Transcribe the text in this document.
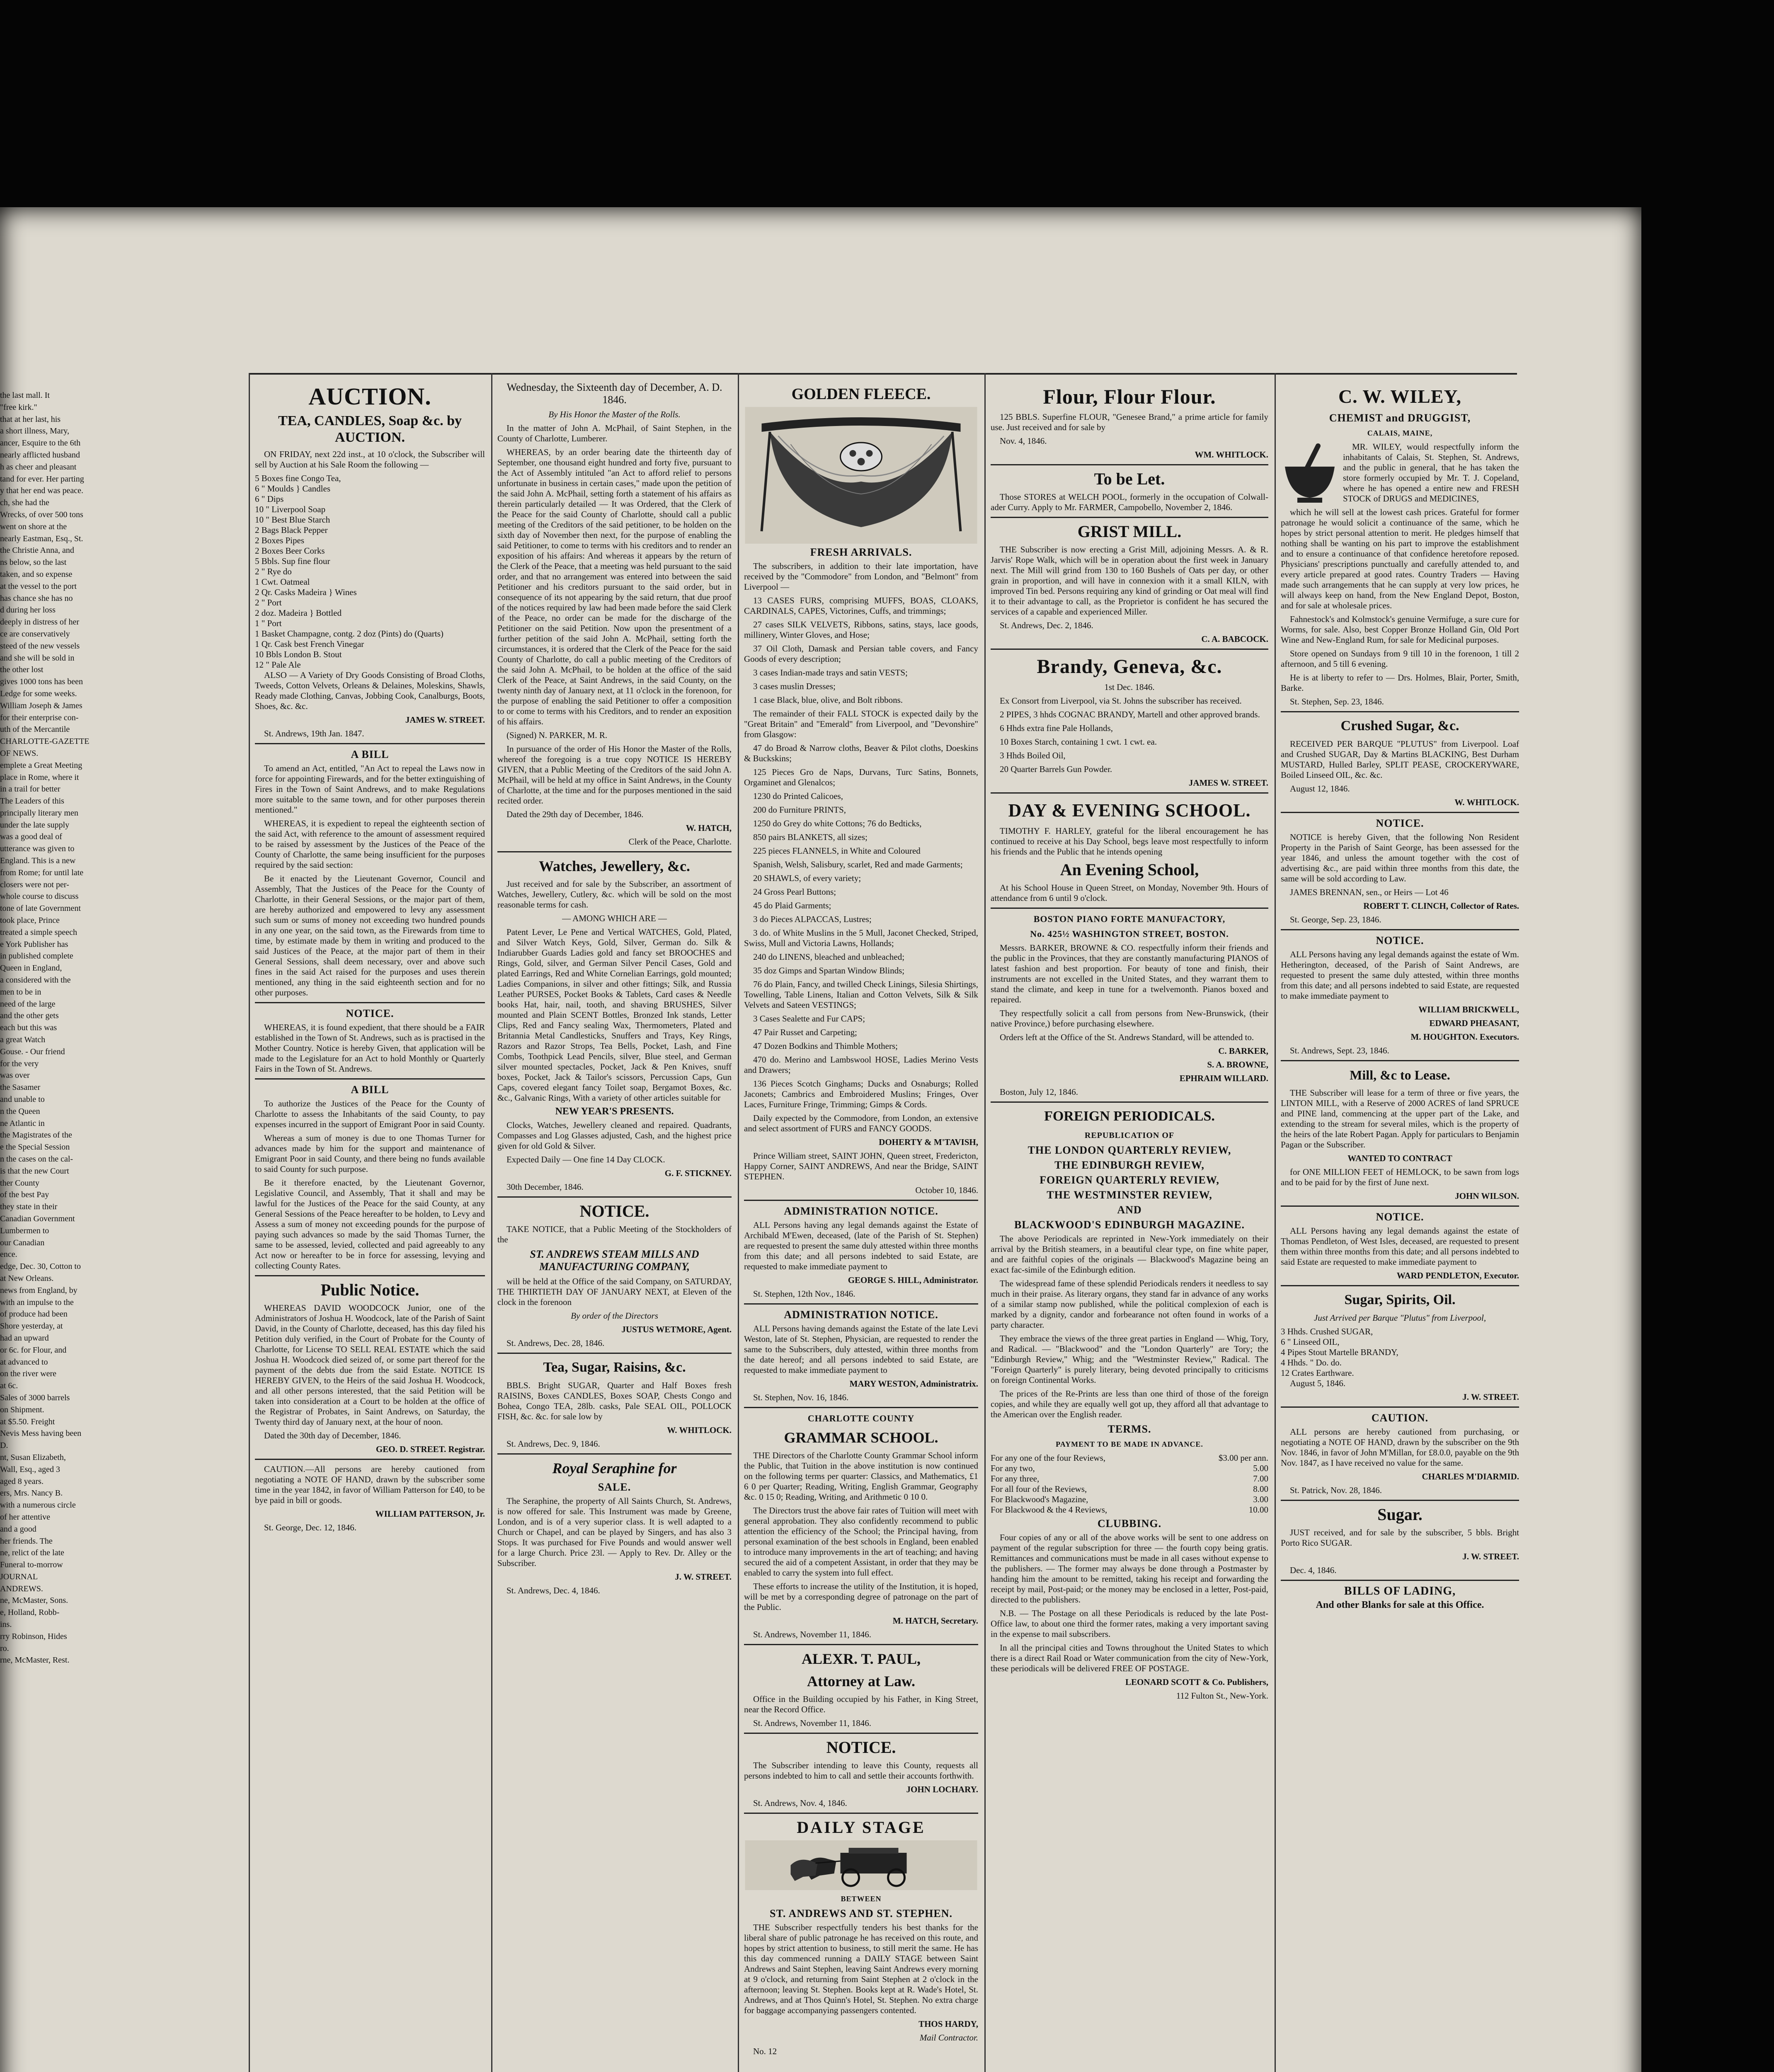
the last mall. It
"free kirk."
that at her last, his
a short illness, Mary,
ancer, Esquire to the 6th
nearly afflicted husband
h as cheer and pleasant
tand for ever. Her parting
y that her end was peace.
ch, she had the
Wrecks, of over 500 tons
went on shore at the
nearly Eastman, Esq., St.
the Christie Anna, and
ns below, so the last
taken, and so expense
at the vessel to the port
has chance she has no
d during her loss
deeply in distress of her
ce are conservatively
steed of the new vessels
and she will be sold in
the other lost
gives 1000 tons has been
Ledge for some weeks.
William Joseph & James
for their enterprise con-
uth of the Mercantile
CHARLOTTE-GAZETTE
OF NEWS.
emplete a Great Meeting
place in Rome, where it
in a trail for better
The Leaders of this
principally literary men
under the late supply
was a good deal of
utterance was given to
England. This is a new
from Rome; for until late
closers were not per-
whole course to discuss
tone of late Government
took place, Prince
treated a simple speech
e York Publisher has
in published complete
Queen in England,
a considered with the
men to be in
need of the large
and the other gets
each but this was
a great Watch
Gouse. - Our friend
for the very
was over
the Sasamer
and unable to
n the Queen
ne Atlantic in
the Magistrates of the
e the Special Session
n the cases on the cal-
is that the new Court
ther County
of the best Pay
they state in their
Canadian Government
Lumbermen to
our Canadian
ence.
edge, Dec. 30, Cotton to
at New Orleans.
news from England, by
with an impulse to the
of produce had been
Shore yesterday, at
had an upward
or 6c. for Flour, and
at advanced to
on the river were
at 6c.
Sales of 3000 barrels
on Shipment.
at $5.50. Freight
Nevis Mess having been
D.
nt, Susan Elizabeth,
Wall, Esq., aged 3
aged 8 years.
ers, Mrs. Nancy B.
with a numerous circle
of her attentive
and a good
her friends. The
ne, relict of the late
Funeral to-morrow
JOURNAL
ANDREWS.
ne, McMaster, Sons.
e, Holland, Robb-
ins.
rry Robinson, Hides
ro.
rne, McMaster, Rest.
AUCTION.
TEA, CANDLES, Soap &c. by AUCTION.

ON FRIDAY, next 22d inst., at 10 o'clock, the Subscriber will sell by Auction at his Sale Room the following —

5 Boxes fine Congo Tea,
6 " Moulds } Candles
6 " Dips
10 " Liverpool Soap
10 " Best Blue Starch
2 Bags Black Pepper
2 Boxes Pipes
2 Boxes Beer Corks
5 Bbls. Sup fine flour
2 " Rye do
1 Cwt. Oatmeal
2 Qr. Casks Madeira } Wines
2 " Port
2 doz. Madeira } Bottled
1 " Port
1 Basket Champagne, contg. 2 doz (Pints) do (Quarts)
1 Qr. Cask best French Vinegar
10 Bbls London B. Stout
12 " Pale Ale

ALSO — A Variety of Dry Goods Consisting of Broad Cloths, Tweeds, Cotton Velvets, Orleans & Delaines, Moleskins, Shawls, Ready made Clothing, Canvas, Jobbing Cook, Canalburgs, Boots, Shoes, &c. &c.

JAMES W. STREET.

St. Andrews, 19th Jan. 1847.

A BILL

To amend an Act, entitled, "An Act to repeal the Laws now in force for appointing Firewards, and for the better extinguishing of Fires in the Town of Saint Andrews, and to make Regulations more suitable to the same town, and for other purposes therein mentioned."

WHEREAS, it is expedient to repeal the eighteenth section of the said Act, with reference to the amount of assessment required to be raised by assessment by the Justices of the Peace of the County of Charlotte, the same being insufficient for the purposes required by the said section:

Be it enacted by the Lieutenant Governor, Council and Assembly, That the Justices of the Peace for the County of Charlotte, in their General Sessions, or the major part of them, are hereby authorized and empowered to levy any assessment such sum or sums of money not exceeding two hundred pounds in any one year, on the said town, as the Firewards from time to time, by estimate made by them in writing and produced to the said Justices of the Peace, at the major part of them in their General Sessions, shall deem necessary, over and above such fines in the said Act raised for the purposes and uses therein mentioned, any thing in the said eighteenth section and for no other purposes.

NOTICE.

WHEREAS, it is found expedient, that there should be a FAIR established in the Town of St. Andrews, such as is practised in the Mother Country. Notice is hereby Given, that application will be made to the Legislature for an Act to hold Monthly or Quarterly Fairs in the Town of St. Andrews.

A BILL

To authorize the Justices of the Peace for the County of Charlotte to assess the Inhabitants of the said County, to pay expenses incurred in the support of Emigrant Poor in said County.

Whereas a sum of money is due to one Thomas Turner for advances made by him for the support and maintenance of Emigrant Poor in said County, and there being no funds available to said County for such purpose.

Be it therefore enacted, by the Lieutenant Governor, Legislative Council, and Assembly, That it shall and may be lawful for the Justices of the Peace for the said County, at any General Sessions of the Peace hereafter to be holden, to Levy and Assess a sum of money not exceeding pounds for the purpose of paying such advances so made by the said Thomas Turner, the same to be assessed, levied, collected and paid agreeably to any Act now or hereafter to be in force for assessing, levying and collecting County Rates.

Public Notice.

WHEREAS DAVID WOODCOCK Junior, one of the Administrators of Joshua H. Woodcock, late of the Parish of Saint David, in the County of Charlotte, deceased, has this day filed his Petition duly verified, in the Court of Probate for the County of Charlotte, for License TO SELL REAL ESTATE which the said Joshua H. Woodcock died seized of, or some part thereof for the payment of the debts due from the said Estate. NOTICE IS HEREBY GIVEN, to the Heirs of the said Joshua H. Woodcock, and all other persons interested, that the said Petition will be taken into consideration at a Court to be holden at the office of the Registrar of Probates, in Saint Andrews, on Saturday, the Twenty third day of January next, at the hour of noon.

Dated the 30th day of December, 1846.

GEO. D. STREET. Registrar.

CAUTION.—All persons are hereby cautioned from negotiating a NOTE OF HAND, drawn by the subscriber some time in the year 1842, in favor of William Patterson for £40, to be bye paid in bill or goods.

WILLIAM PATTERSON, Jr.

St. George, Dec. 12, 1846.

Wednesday, the Sixteenth day of December, A. D. 1846.

By His Honor the Master of the Rolls.

In the matter of John A. McPhail, of Saint Stephen, in the County of Charlotte, Lumberer.

WHEREAS, by an order bearing date the thirteenth day of September, one thousand eight hundred and forty five, pursuant to the Act of Assembly intituled "an Act to afford relief to persons unfortunate in business in certain cases," made upon the petition of the said John A. McPhail, setting forth a statement of his affairs as therein particularly detailed — It was Ordered, that the Clerk of the Peace for the said County of Charlotte, should call a public meeting of the Creditors of the said petitioner, to be holden on the sixth day of November then next, for the purpose of enabling the said Petitioner, to come to terms with his creditors and to render an exposition of his affairs: And whereas it appears by the return of the Clerk of the Peace, that a meeting was held pursuant to the said order, and that no arrangement was entered into between the said Petitioner and his creditors pursuant to the said order, but in consequence of its not appearing by the said return, that due proof of the notices required by law had been made before the said Clerk of the Peace, no order can be made for the discharge of the Petitioner on the said Petition. Now upon the presentment of a further petition of the said John A. McPhail, setting forth the circumstances, it is ordered that the Clerk of the Peace for the said County of Charlotte, do call a public meeting of the Creditors of the said John A. McPhail, to be holden at the office of the said Clerk of the Peace, at Saint Andrews, in the said County, on the twenty ninth day of January next, at 11 o'clock in the forenoon, for the purpose of enabling the said Petitioner to offer a composition to or come to terms with his Creditors, and to render an exposition of his affairs.

(Signed) N. PARKER, M. R.

In pursuance of the order of His Honor the Master of the Rolls, whereof the foregoing is a true copy NOTICE IS HEREBY GIVEN, that a Public Meeting of the Creditors of the said John A. McPhail, will be held at my office in Saint Andrews, in the County of Charlotte, at the time and for the purposes mentioned in the said recited order.

Dated the 29th day of December, 1846.

W. HATCH,

Clerk of the Peace, Charlotte.

Watches, Jewellery, &c.

Just received and for sale by the Subscriber, an assortment of Watches, Jewellery, Cutlery, &c. which will be sold on the most reasonable terms for cash.

— AMONG WHICH ARE —

Patent Lever, Le Pene and Vertical WATCHES, Gold, Plated, and Silver Watch Keys, Gold, Silver, German do. Silk & Indiarubber Guards Ladies gold and fancy set BROOCHES and Rings, Gold, silver, and German Silver Pencil Cases, Gold and plated Earrings, Red and White Cornelian Earrings, gold mounted; Ladies Companions, in silver and other fittings; Silk, and Russia Leather PURSES, Pocket Books & Tablets, Card cases & Needle books Hat, hair, nail, tooth, and shaving BRUSHES, Silver mounted and Plain SCENT Bottles, Bronzed Ink stands, Letter Clips, Red and Fancy sealing Wax, Thermometers, Plated and Britannia Metal Candlesticks, Snuffers and Trays, Key Rings, Razors and Razor Strops, Tea Bells, Pocket, Lash, and Fine Combs, Toothpick Lead Pencils, silver, Blue steel, and German silver mounted spectacles, Pocket, Jack & Pen Knives, snuff boxes, Pocket, Jack & Tailor's scissors, Percussion Caps, Gun Caps, covered elegant fancy Toilet soap, Bergamot Boxes, &c. &c., Galvanic Rings, With a variety of other articles suitable for

NEW YEAR'S PRESENTS.

Clocks, Watches, Jewellery cleaned and repaired. Quadrants, Compasses and Log Glasses adjusted, Cash, and the highest price given for old Gold & Silver.

Expected Daily — One fine 14 Day CLOCK.

G. F. STICKNEY.

30th December, 1846.

NOTICE.

TAKE NOTICE, that a Public Meeting of the Stockholders of the

ST. ANDREWS STEAM MILLS AND MANUFACTURING COMPANY,

will be held at the Office of the said Company, on SATURDAY, THE THIRTIETH DAY OF JANUARY NEXT, at Eleven of the clock in the forenoon

By order of the Directors

JUSTUS WETMORE, Agent.

St. Andrews, Dec. 28, 1846.

Tea, Sugar, Raisins, &c.

BBLS. Bright SUGAR, Quarter and Half Boxes fresh RAISINS, Boxes CANDLES, Boxes SOAP, Chests Congo and Bohea, Congo TEA, 28lb. casks, Pale SEAL OIL, POLLOCK FISH, &c. &c. for sale low by

W. WHITLOCK.

St. Andrews, Dec. 9, 1846.

Royal Seraphine for
SALE.

The Seraphine, the property of All Saints Church, St. Andrews, is now offered for sale. This Instrument was made by Greene, London, and is of a very superior class. It is well adapted to a Church or Chapel, and can be played by Singers, and has also 3 Stops. It was purchased for Five Pounds and would answer well for a large Church. Price 23l. — Apply to Rev. Dr. Alley or the Subscriber.

J. W. STREET.

St. Andrews, Dec. 4, 1846.

GOLDEN FLEECE.
FRESH ARRIVALS.

The subscribers, in addition to their late importation, have received by the "Commodore" from London, and "Belmont" from Liverpool —

13 CASES FURS, comprising MUFFS, BOAS, CLOAKS, CARDINALS, CAPES, Victorines, Cuffs, and trimmings;

27 cases SILK VELVETS, Ribbons, satins, stays, lace goods, millinery, Winter Gloves, and Hose;

37 Oil Cloth, Damask and Persian table covers, and Fancy Goods of every description;

3 cases Indian-made trays and satin VESTS;

3 cases muslin Dresses;

1 case Black, blue, olive, and Bolt ribbons.

The remainder of their FALL STOCK is expected daily by the "Great Britain" and "Emerald" from Liverpool, and "Devonshire" from Glasgow:

47 do Broad & Narrow cloths, Beaver & Pilot cloths, Doeskins & Buckskins;

125 Pieces Gro de Naps, Durvans, Turc Satins, Bonnets, Orgaminet and Glenalcos;

1230 do Printed Calicoes,

200 do Furniture PRINTS,

1250 do Grey do white Cottons; 76 do Bedticks,

850 pairs BLANKETS, all sizes;

225 pieces FLANNELS, in White and Coloured

Spanish, Welsh, Salisbury, scarlet, Red and made Garments;

20 SHAWLS, of every variety;

24 Gross Pearl Buttons;

45 do Plaid Garments;

3 do Pieces ALPACCAS, Lustres;

3 do. of White Muslins in the 5 Mull, Jaconet Checked, Striped, Swiss, Mull and Victoria Lawns, Hollands;

240 do LINENS, bleached and unbleached;

35 doz Gimps and Spartan Window Blinds;

76 do Plain, Fancy, and twilled Check Linings, Silesia Shirtings, Towelling, Table Linens, Italian and Cotton Velvets, Silk & Silk Velvets and Sateen VESTINGS;

3 Cases Sealette and Fur CAPS;

47 Pair Russet and Carpeting;

47 Dozen Bodkins and Thimble Mothers;

470 do. Merino and Lambswool HOSE, Ladies Merino Vests and Drawers;

136 Pieces Scotch Ginghams; Ducks and Osnaburgs; Rolled Jaconets; Cambrics and Embroidered Muslins; Fringes, Over Laces, Furniture Fringe, Trimming; Gimps & Cords.

Daily expected by the Commodore, from London, an extensive and select assortment of FURS and FANCY GOODS.

DOHERTY & M'TAVISH,

Prince William street, SAINT JOHN, Queen street, Fredericton, Happy Corner, SAINT ANDREWS, And near the Bridge, SAINT STEPHEN.

October 10, 1846.

ADMINISTRATION NOTICE.

ALL Persons having any legal demands against the Estate of Archibald M'Ewen, deceased, (late of the Parish of St. Stephen) are requested to present the same duly attested within three months from this date; and all persons indebted to said Estate, are requested to make immediate payment to

GEORGE S. HILL, Administrator.

St. Stephen, 12th Nov., 1846.

ADMINISTRATION NOTICE.

ALL Persons having demands against the Estate of the late Levi Weston, late of St. Stephen, Physician, are requested to render the same to the Subscribers, duly attested, within three months from the date hereof; and all persons indebted to said Estate, are requested to make immediate payment to

MARY WESTON, Administratrix.

St. Stephen, Nov. 16, 1846.

CHARLOTTE COUNTY
GRAMMAR SCHOOL.

THE Directors of the Charlotte County Grammar School inform the Public, that Tuition in the above institution is now continued on the following terms per quarter: Classics, and Mathematics, £1 6 0 per Quarter; Reading, Writing, English Grammar, Geography &c. 0 15 0; Reading, Writing, and Arithmetic 0 10 0.

The Directors trust the above fair rates of Tuition will meet with general approbation. They also confidently recommend to public attention the efficiency of the School; the Principal having, from personal examination of the best schools in England, been enabled to introduce many improvements in the art of teaching; and having secured the aid of a competent Assistant, in order that they may be enabled to carry the system into full effect.

These efforts to increase the utility of the Institution, it is hoped, will be met by a corresponding degree of patronage on the part of the Public.

M. HATCH, Secretary.

St. Andrews, November 11, 1846.

ALEXR. T. PAUL,
Attorney at Law.

Office in the Building occupied by his Father, in King Street, near the Record Office.

St. Andrews, November 11, 1846.

NOTICE.

The Subscriber intending to leave this County, requests all persons indebted to him to call and settle their accounts forthwith.

JOHN LOCHARY.

St. Andrews, Nov. 4, 1846.

DAILY STAGE
BETWEEN
ST. ANDREWS AND ST. STEPHEN.

THE Subscriber respectfully tenders his best thanks for the liberal share of public patronage he has received on this route, and hopes by strict attention to business, to still merit the same. He has this day commenced running a DAILY STAGE between Saint Andrews and Saint Stephen, leaving Saint Andrews every morning at 9 o'clock, and returning from Saint Stephen at 2 o'clock in the afternoon; leaving St. Stephen. Books kept at R. Wade's Hotel, St. Andrews, and at Thos Quinn's Hotel, St. Stephen. No extra charge for baggage accompanying passengers contented.

THOS HARDY,

Mail Contractor.

No. 12

Flour, Flour Flour.

125 BBLS. Superfine FLOUR, "Genesee Brand," a prime article for family use. Just received and for sale by

Nov. 4, 1846.

WM. WHITLOCK.

To be Let.

Those STORES at WELCH POOL, formerly in the occupation of Colwall-ader Curry. Apply to Mr. FARMER, Campobello, November 2, 1846.

GRIST MILL.

THE Subscriber is now erecting a Grist Mill, adjoining Messrs. A. & R. Jarvis' Rope Walk, which will be in operation about the first week in January next. The Mill will grind from 130 to 160 Bushels of Oats per day, or other grain in proportion, and will have in connexion with it a small KILN, with improved Tin bed. Persons requiring any kind of grinding or Oat meal will find it to their advantage to call, as the Proprietor is confident he has secured the services of a capable and experienced Miller.

St. Andrews, Dec. 2, 1846.

C. A. BABCOCK.

Brandy, Geneva, &c.

1st Dec. 1846.

Ex Consort from Liverpool, via St. Johns the subscriber has received.

2 PIPES, 3 hhds COGNAC BRANDY, Martell and other approved brands.

6 Hhds extra fine Pale Hollands,

10 Boxes Starch, containing 1 cwt. 1 cwt. ea.

3 Hhds Boiled Oil,

20 Quarter Barrels Gun Powder.

JAMES W. STREET.

DAY & EVENING SCHOOL.

TIMOTHY F. HARLEY, grateful for the liberal encouragement he has continued to receive at his Day School, begs leave most respectfully to inform his friends and the Public that he intends opening

An Evening School,

At his School House in Queen Street, on Monday, November 9th. Hours of attendance from 6 until 9 o'clock.

BOSTON PIANO FORTE MANUFACTORY,
No. 425½ WASHINGTON STREET, BOSTON.

Messrs. BARKER, BROWNE & CO. respectfully inform their friends and the public in the Provinces, that they are constantly manufacturing PIANOS of latest fashion and best proportion. For beauty of tone and finish, their instruments are not excelled in the United States, and they warrant them to stand the climate, and keep in tune for a twelvemonth. Pianos boxed and repaired.

They respectfully solicit a call from persons from New-Brunswick, (their native Province,) before purchasing elsewhere.

Orders left at the Office of the St. Andrews Standard, will be attended to.

C. BARKER,

S. A. BROWNE,

EPHRAIM WILLARD.

Boston, July 12, 1846.

FOREIGN PERIODICALS.
REPUBLICATION OF
THE LONDON QUARTERLY REVIEW,
THE EDINBURGH REVIEW,
FOREIGN QUARTERLY REVIEW,
THE WESTMINSTER REVIEW,
AND
BLACKWOOD'S EDINBURGH MAGAZINE.

The above Periodicals are reprinted in New-York immediately on their arrival by the British steamers, in a beautiful clear type, on fine white paper, and are faithful copies of the originals — Blackwood's Magazine being an exact fac-simile of the Edinburgh edition.

The widespread fame of these splendid Periodicals renders it needless to say much in their praise. As literary organs, they stand far in advance of any works of a similar stamp now published, while the political complexion of each is marked by a dignity, candor and forbearance not often found in works of a party character.

They embrace the views of the three great parties in England — Whig, Tory, and Radical. — "Blackwood" and the "London Quarterly" are Tory; the "Edinburgh Review," Whig; and the "Westminster Review," Radical. The "Foreign Quarterly" is purely literary, being devoted principally to criticisms on foreign Continental Works.

The prices of the Re-Prints are less than one third of those of the foreign copies, and while they are equally well got up, they afford all that advantage to the American over the English reader.

TERMS.
PAYMENT TO BE MADE IN ADVANCE.
For any one of the four Reviews,	$3.00 per ann.
For any two,	5.00
For any three,	7.00
For all four of the Reviews,	8.00
For Blackwood's Magazine,	3.00
For Blackwood & the 4 Reviews,	10.00
CLUBBING.

Four copies of any or all of the above works will be sent to one address on payment of the regular subscription for three — the fourth copy being gratis. Remittances and communications must be made in all cases without expense to the publishers. — The former may always be done through a Postmaster by handing him the amount to be remitted, taking his receipt and forwarding the receipt by mail, Post-paid; or the money may be enclosed in a letter, Post-paid, directed to the publishers.

N.B. — The Postage on all these Periodicals is reduced by the late Post-Office law, to about one third the former rates, making a very important saving in the expense to mail subscribers.

In all the principal cities and Towns throughout the United States to which there is a direct Rail Road or Water communication from the city of New-York, these periodicals will be delivered FREE OF POSTAGE.

LEONARD SCOTT & Co. Publishers,

112 Fulton St., New-York.

C. W. WILEY,
CHEMIST and DRUGGIST,
CALAIS, MAINE,

MR. WILEY, would respectfully inform the inhabitants of Calais, St. Stephen, St. Andrews, and the public in general, that he has taken the store formerly occupied by Mr. T. J. Copeland, where he has opened a entire new and FRESH STOCK of DRUGS and MEDICINES,

which he will sell at the lowest cash prices. Grateful for former patronage he would solicit a continuance of the same, which he hopes by strict personal attention to merit. He pledges himself that nothing shall be wanting on his part to improve the establishment and to ensure a continuance of that confidence heretofore reposed. Physicians' prescriptions punctually and carefully attended to, and every article prepared at good rates. Country Traders — Having made such arrangements that he can supply at very low prices, he will always keep on hand, from the New England Depot, Boston, and for sale at wholesale prices.

Fahnestock's and Kolmstock's genuine Vermifuge, a sure cure for Worms, for sale. Also, best Copper Bronze Holland Gin, Old Port Wine and New-England Rum, for sale for Medicinal purposes.

Store opened on Sundays from 9 till 10 in the forenoon, 1 till 2 afternoon, and 5 till 6 evening.

He is at liberty to refer to — Drs. Holmes, Blair, Porter, Smith, Barke.

St. Stephen, Sep. 23, 1846.

Crushed Sugar, &c.

RECEIVED PER BARQUE "PLUTUS" from Liverpool. Loaf and Crushed SUGAR, Day & Martins BLACKING, Best Durham MUSTARD, Hulled Barley, SPLIT PEASE, CROCKERYWARE, Boiled Linseed OIL, &c. &c.

August 12, 1846.

W. WHITLOCK.

NOTICE.

NOTICE is hereby Given, that the following Non Resident Property in the Parish of Saint George, has been assessed for the year 1846, and unless the amount together with the cost of advertising &c., are paid within three months from this date, the same will be sold according to Law.

JAMES BRENNAN, sen., or Heirs — Lot 46

ROBERT T. CLINCH, Collector of Rates.

St. George, Sep. 23, 1846.

NOTICE.

ALL Persons having any legal demands against the estate of Wm. Hetherington, deceased, of the Parish of Saint Andrews, are requested to present the same duly attested, within three months from this date; and all persons indebted to said Estate, are requested to make immediate payment to

WILLIAM BRICKWELL,

EDWARD PHEASANT,

M. HOUGHTON. Executors.

St. Andrews, Sept. 23, 1846.

Mill, &c to Lease.

THE Subscriber will lease for a term of three or five years, the LINTON MILL, with a Reserve of 2000 ACRES of land SPRUCE and PINE land, commencing at the upper part of the Lake, and extending to the stream for several miles, which is the property of the heirs of the late Robert Pagan. Apply for particulars to Benjamin Pagan or the Subscriber.

WANTED TO CONTRACT

for ONE MILLION FEET of HEMLOCK, to be sawn from logs and to be paid for by the first of June next.

JOHN WILSON.

NOTICE.

ALL Persons having any legal demands against the estate of Thomas Pendleton, of West Isles, deceased, are requested to present them within three months from this date; and all persons indebted to said Estate are requested to make immediate payment to

WARD PENDLETON, Executor.

Sugar, Spirits, Oil.

Just Arrived per Barque "Plutus" from Liverpool,

3 Hhds. Crushed SUGAR,
6 " Linseed OIL,
4 Pipes Stout Martelle BRANDY,
4 Hhds. " Do. do.
12 Crates Earthware.

August 5, 1846.

J. W. STREET.

CAUTION.

ALL persons are hereby cautioned from purchasing, or negotiating a NOTE OF HAND, drawn by the subscriber on the 9th Nov. 1846, in favor of John M'Millan, for £8.0.0, payable on the 9th Nov. 1847, as I have received no value for the same.

CHARLES M'DIARMID.

St. Patrick, Nov. 28, 1846.

Sugar.

JUST received, and for sale by the subscriber, 5 bbls. Bright Porto Rico SUGAR.

J. W. STREET.

Dec. 4, 1846.

BILLS OF LADING,

And other Blanks for sale at this Office.
